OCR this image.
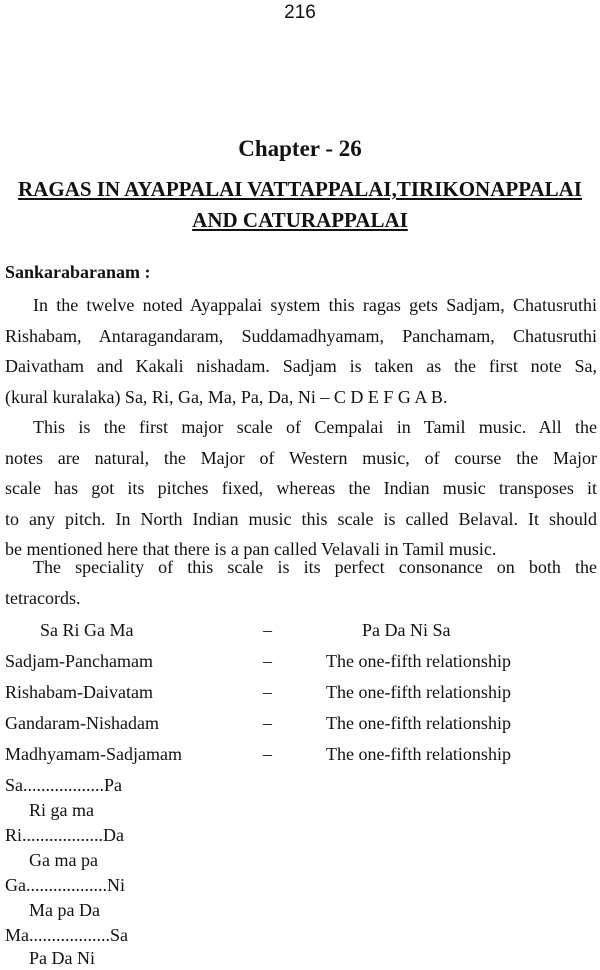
216
Chapter - 26
RAGAS IN AYAPPALAI VATTAPPALAI,TIRIKONAPPALAI
AND CATURAPPALAI
Sankarabaranam :
In the twelve noted Ayappalai system this ragas gets Sadjam, Chatusruthi
Rishabam, Antaragandaram, Suddamadhyamam, Panchamam, Chatusruthi
Daivatham and Kakali nishadam. Sadjam is taken as the first note Sa,
(kural kuralaka) Sa, Ri, Ga, Ma, Pa, Da, Ni – C D E F G A B.
This is the first major scale of Cempalai in Tamil music. All the
notes are natural, the Major of Western music, of course the Major
scale has got its pitches fixed, whereas the Indian music transposes it
to any pitch. In North Indian music this scale is called Belaval. It should
be mentioned here that there is a pan called Velavali in Tamil music.
The speciality of this scale is its perfect consonance on both the
tetracords.
Sa Ri Ga Ma	–	Pa Da Ni Sa
Sadjam-Panchamam	–	The one-fifth relationship
Rishabam-Daivatam	–	The one-fifth relationship
Gandaram-Nishadam	–	The one-fifth relationship
Madhyamam-Sadjamam	–	The one-fifth relationship
Sa..................Pa
Ri ga ma
Ri..................Da
Ga ma pa
Ga..................Ni
Ma pa Da
Ma..................Sa
Pa Da Ni
